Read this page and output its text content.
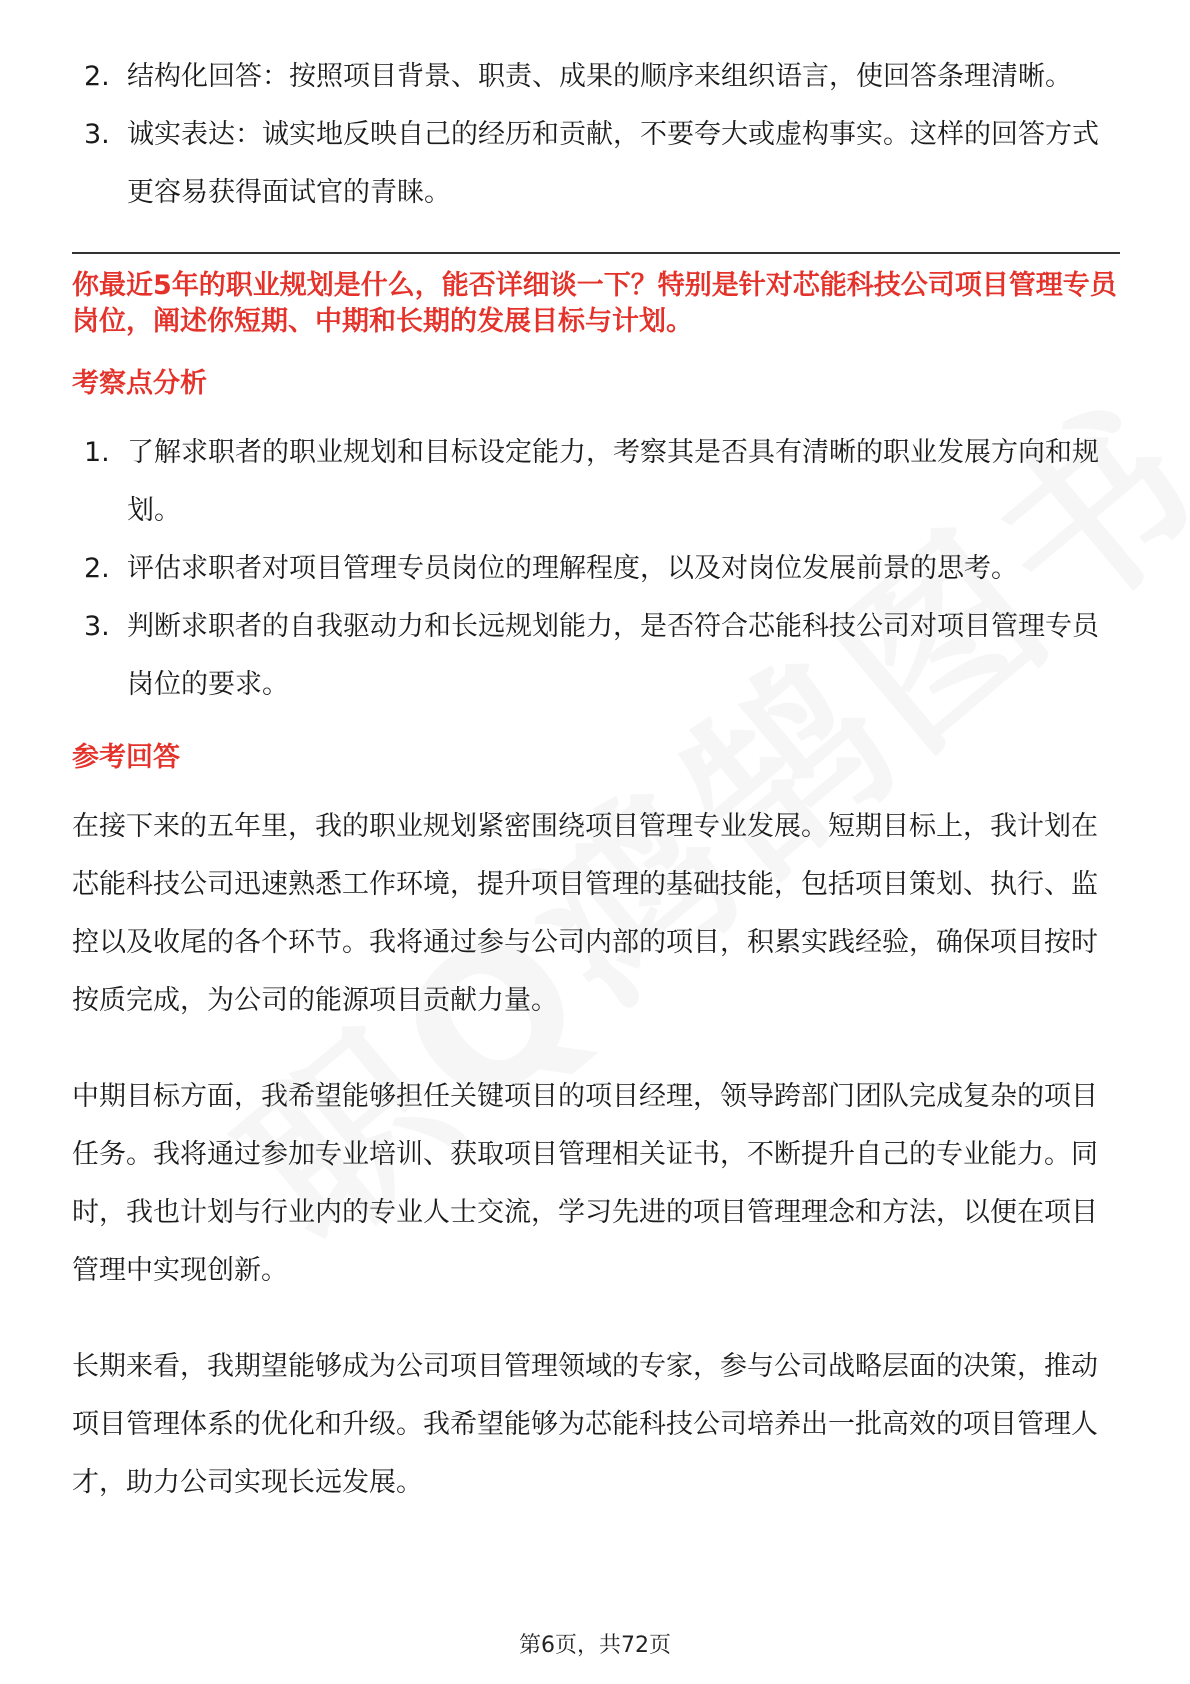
2. 结构化回答：按照项目背景、职责、成果的顺序来组织语言，使回答条理清晰。
3. 诚实表达：诚实地反映自己的经历和贡献，不要夸大或虚构事实。这样的回答方式更容易获得面试官的青睐。

你最近5年的职业规划是什么，能否详细谈一下？特别是针对芯能科技公司项目管理专员岗位，阐述你短期、中期和长期的发展目标与计划。

考察点分析
1. 了解求职者的职业规划和目标设定能力，考察其是否具有清晰的职业发展方向和规划。
2. 评估求职者对项目管理专员岗位的理解程度，以及对岗位发展前景的思考。
3. 判断求职者的自我驱动力和长远规划能力，是否符合芯能科技公司对项目管理专员岗位的要求。
参考回答

在接下来的五年里，我的职业规划紧密围绕项目管理专业发展。短期目标上，我计划在芯能科技公司迅速熟悉工作环境，提升项目管理的基础技能，包括项目策划、执行、监控以及收尾的各个环节。我将通过参与公司内部的项目，积累实践经验，确保项目按时按质完成，为公司的能源项目贡献力量。

中期目标方面，我希望能够担任关键项目的项目经理，领导跨部门团队完成复杂的项目任务。我将通过参加专业培训、获取项目管理相关证书，不断提升自己的专业能力。同时，我也计划与行业内的专业人士交流，学习先进的项目管理理念和方法，以便在项目管理中实现创新。

长期来看，我期望能够成为公司项目管理领域的专家，参与公司战略层面的决策，推动项目管理体系的优化和升级。我希望能够为芯能科技公司培养出一批高效的项目管理人才，助力公司实现长远发展。

第6页，共72页
